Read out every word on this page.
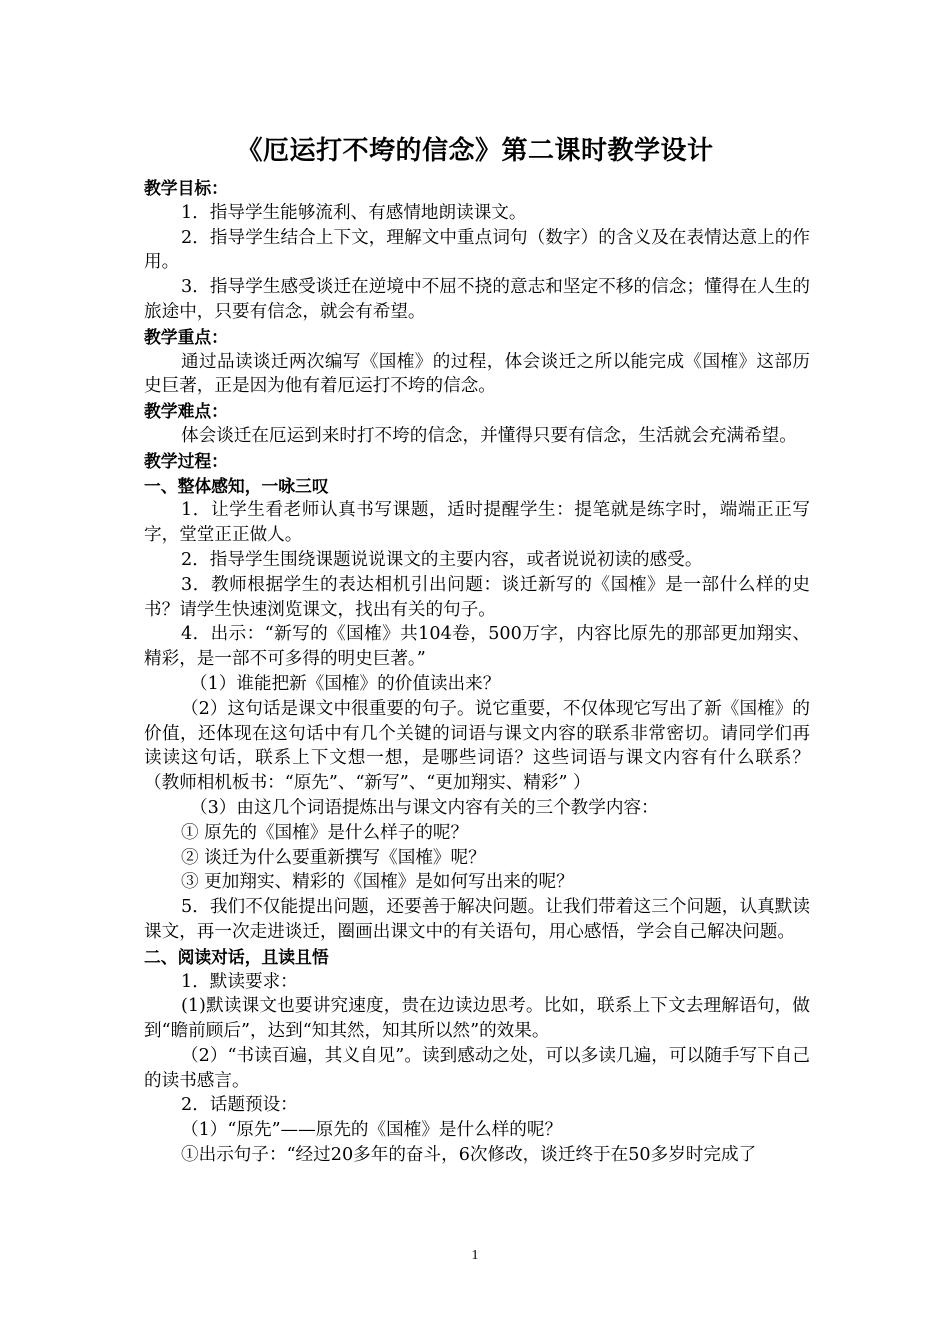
《厄运打不垮的信念》第二课时教学设计

教学目标：

1．指导学生能够流利、有感情地朗读课文。

2．指导学生结合上下文，理解文中重点词句（数字）的含义及在表情达意上的作用。

3．指导学生感受谈迁在逆境中不屈不挠的意志和坚定不移的信念；懂得在人生的旅途中，只要有信念，就会有希望。

教学重点：

通过品读谈迁两次编写《国榷》的过程，体会谈迁之所以能完成《国榷》这部历史巨著，正是因为他有着厄运打不垮的信念。

教学难点：

体会谈迁在厄运到来时打不垮的信念，并懂得只要有信念，生活就会充满希望。

教学过程：

一、整体感知，一咏三叹

1．让学生看老师认真书写课题，适时提醒学生：提笔就是练字时，端端正正写字，堂堂正正做人。

2．指导学生围绕课题说说课文的主要内容，或者说说初读的感受。

3．教师根据学生的表达相机引出问题：谈迁新写的《国榷》是一部什么样的史书？请学生快速浏览课文，找出有关的句子。

4．出示：“新写的《国榷》共104卷，500万字，内容比原先的那部更加翔实、精彩，是一部不可多得的明史巨著。”

（1）谁能把新《国榷》的价值读出来？

（2）这句话是课文中很重要的句子。说它重要，不仅体现它写出了新《国榷》的价值，还体现在这句话中有几个关键的词语与课文内容的联系非常密切。请同学们再读读这句话，联系上下文想一想，是哪些词语？这些词语与课文内容有什么联系？（教师相机板书：“原先”、“新写”、“更加翔实、精彩” ）

（3）由这几个词语提炼出与课文内容有关的三个教学内容：

① 原先的《国榷》是什么样子的呢？

② 谈迁为什么要重新撰写《国榷》呢？

③ 更加翔实、精彩的《国榷》是如何写出来的呢？

5．我们不仅能提出问题，还要善于解决问题。让我们带着这三个问题，认真默读课文，再一次走进谈迁，圈画出课文中的有关语句，用心感悟，学会自己解决问题。

二、阅读对话，且读且悟

1．默读要求：

(1)默读课文也要讲究速度，贵在边读边思考。比如，联系上下文去理解语句，做到“瞻前顾后”，达到“知其然，知其所以然”的效果。

（2）“书读百遍，其义自见”。读到感动之处，可以多读几遍，可以随手写下自己的读书感言。

2．话题预设：

（1）“原先”——原先的《国榷》是什么样的呢？

①出示句子：“经过20多年的奋斗，6次修改，谈迁终于在50多岁时完成了

1
